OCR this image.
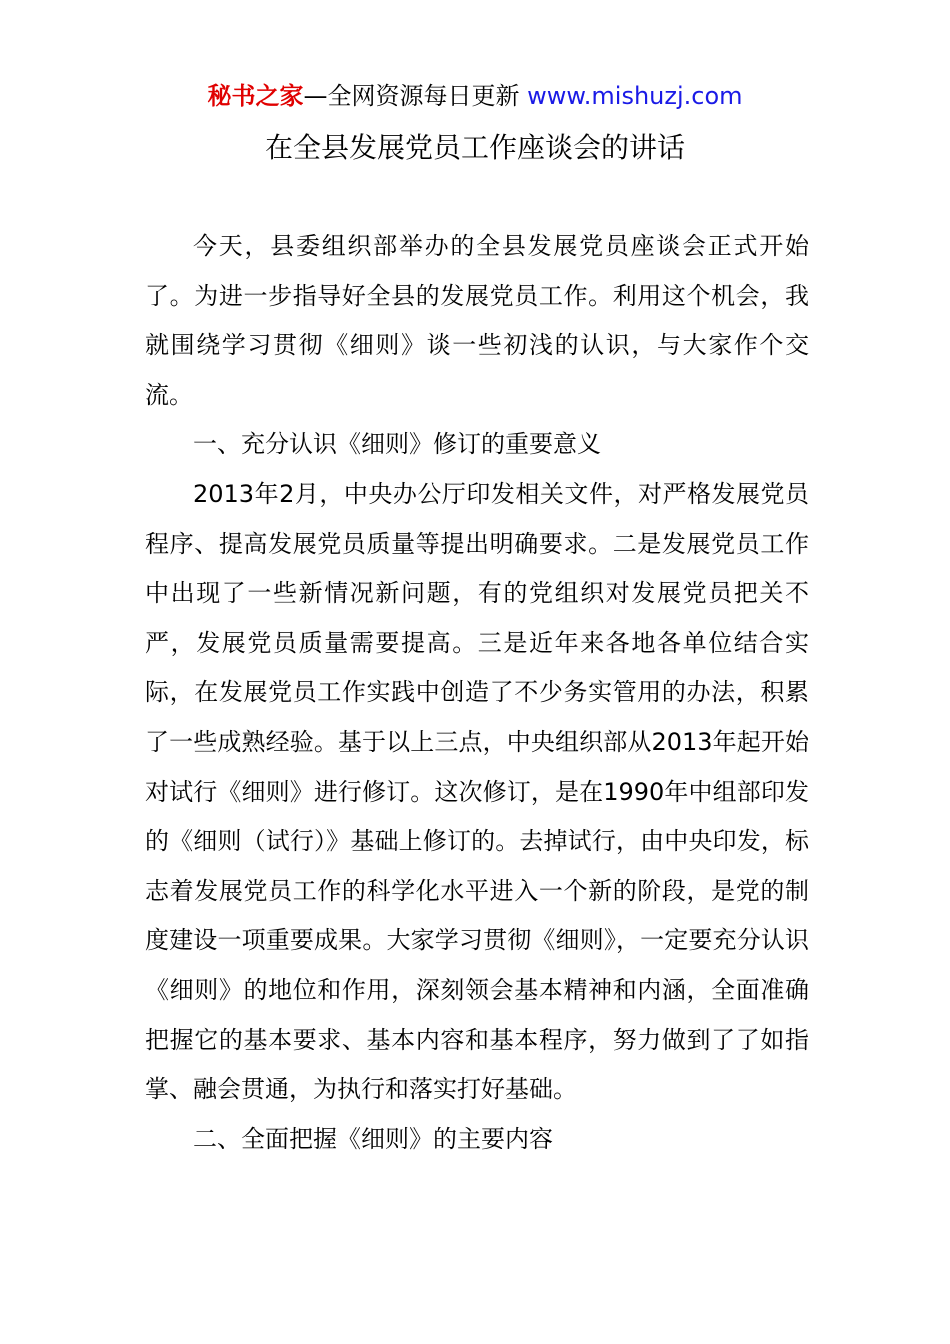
秘书之家—全网资源每日更新 www.mishuzj.com
在全县发展党员工作座谈会的讲话

今天，县委组织部举办的全县发展党员座谈会正式开始了。为进一步指导好全县的发展党员工作。利用这个机会，我就围绕学习贯彻《细则》谈一些初浅的认识，与大家作个交流。

一、充分认识《细则》修订的重要意义

2013年2月，中央办公厅印发相关文件，对严格发展党员程序、提高发展党员质量等提出明确要求。二是发展党员工作中出现了一些新情况新问题，有的党组织对发展党员把关不严，发展党员质量需要提高。三是近年来各地各单位结合实际，在发展党员工作实践中创造了不少务实管用的办法，积累了一些成熟经验。基于以上三点，中央组织部从2013年起开始对试行《细则》进行修订。这次修订，是在1990年中组部印发的《细则（试行）》基础上修订的。去掉试行，由中央印发，标志着发展党员工作的科学化水平进入一个新的阶段，是党的制度建设一项重要成果。大家学习贯彻《细则》，一定要充分认识《细则》的地位和作用，深刻领会基本精神和内涵，全面准确把握它的基本要求、基本内容和基本程序，努力做到了了如指掌、融会贯通，为执行和落实打好基础。

二、全面把握《细则》的主要内容
